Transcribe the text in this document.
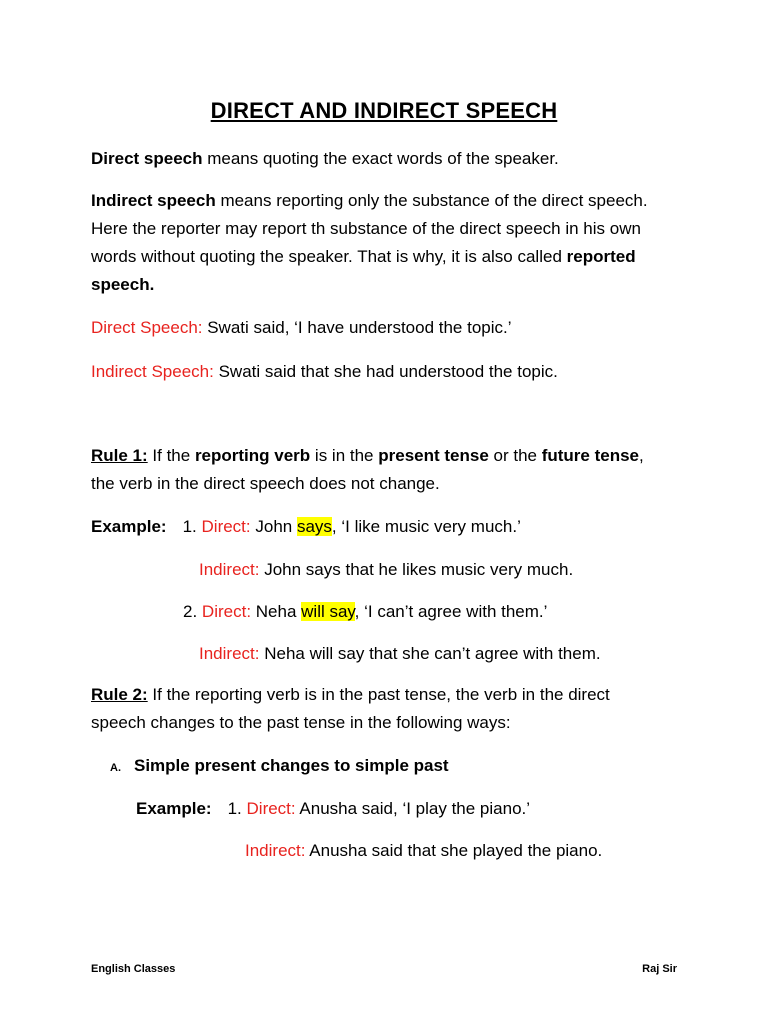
DIRECT AND INDIRECT SPEECH

Direct speech means quoting the exact words of the speaker.

Indirect speech means reporting only the substance of the direct speech. Here the reporter may report th substance of the direct speech in his own words without quoting the speaker. That is why, it is also called reported speech.

Direct Speech: Swati said, ‘I have understood the topic.’

Indirect Speech: Swati said that she had understood the topic.

Rule 1: If the reporting verb is in the present tense or the future tense, the verb in the direct speech does not change.

Example: 1. Direct: John says, ‘I like music very much.’

Indirect: John says that he likes music very much.

2. Direct: Neha will say, ‘I can’t agree with them.’

Indirect: Neha will say that she can’t agree with them.

Rule 2: If the reporting verb is in the past tense, the verb in the direct speech changes to the past tense in the following ways:

A. Simple present changes to simple past

Example: 1. Direct: Anusha said, ‘I play the piano.’

Indirect: Anusha said that she played the piano.

English Classes	Raj Sir
